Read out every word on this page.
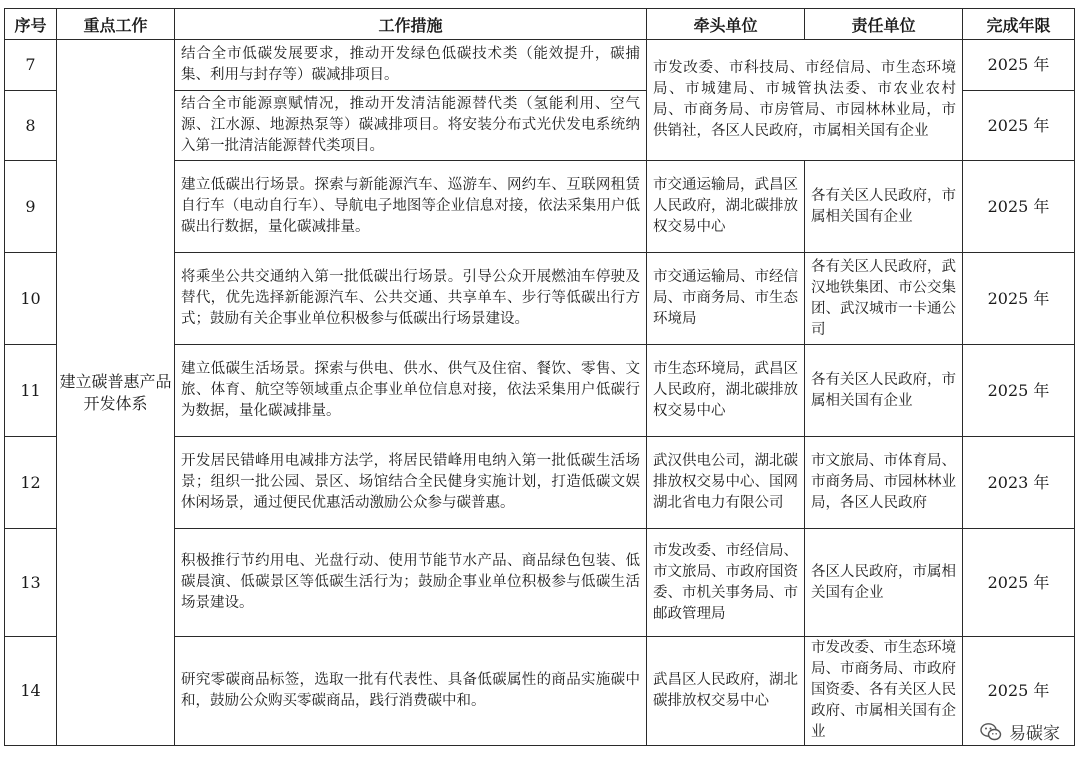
序号	重点工作	工作措施	牵头单位	责任单位	完成年限
7	建立碳普惠产品开发体系	结合全市低碳发展要求，推动开发绿色低碳技术类（能效提升，碳捕集、利用与封存等）碳减排项目。	市发改委、市科技局、市经信局、市生态环境局、市城建局、市城管执法委、市农业农村局、市商务局、市房管局、市园林林业局，市供销社，各区人民政府，市属相关国有企业		2025 年
8		结合全市能源禀赋情况，推动开发清洁能源替代类（氢能利用、空气源、江水源、地源热泵等）碳减排项目。将安装分布式光伏发电系统纳入第一批清洁能源替代类项目。			2025 年
9		建立低碳出行场景。探索与新能源汽车、巡游车、网约车、互联网租赁自行车（电动自行车）、导航电子地图等企业信息对接，依法采集用户低碳出行数据，量化碳减排量。	市交通运输局，武昌区人民政府，湖北碳排放权交易中心	各有关区人民政府，市属相关国有企业	2025 年
10		将乘坐公共交通纳入第一批低碳出行场景。引导公众开展燃油车停驶及替代，优先选择新能源汽车、公共交通、共享单车、步行等低碳出行方式；鼓励有关企事业单位积极参与低碳出行场景建设。	市交通运输局、市经信局、市商务局、市生态环境局	各有关区人民政府，武汉地铁集团、市公交集团、武汉城市一卡通公司	2025 年
11		建立低碳生活场景。探索与供电、供水、供气及住宿、餐饮、零售、文旅、体育、航空等领域重点企事业单位信息对接，依法采集用户低碳行为数据，量化碳减排量。	市生态环境局，武昌区人民政府，湖北碳排放权交易中心	各有关区人民政府，市属相关国有企业	2025 年
12		开发居民错峰用电减排方法学，将居民错峰用电纳入第一批低碳生活场景；组织一批公园、景区、场馆结合全民健身实施计划，打造低碳文娱休闲场景，通过便民优惠活动激励公众参与碳普惠。	武汉供电公司，湖北碳排放权交易中心、国网湖北省电力有限公司	市文旅局、市体育局、市商务局、市园林林业局，各区人民政府	2023 年
13		积极推行节约用电、光盘行动、使用节能节水产品、商品绿色包装、低碳晨演、低碳景区等低碳生活行为；鼓励企事业单位积极参与低碳生活场景建设。	市发改委、市经信局、市文旅局、市政府国资委、市机关事务局、市邮政管理局	各区人民政府，市属相关国有企业	2025 年
14		研究零碳商品标签，选取一批有代表性、具备低碳属性的商品实施碳中和，鼓励公众购买零碳商品，践行消费碳中和。	武昌区人民政府，湖北碳排放权交易中心	市发改委、市生态环境局、市商务局、市政府国资委、各有关区人民政府、市属相关国有企业	2025 年
易碳家
